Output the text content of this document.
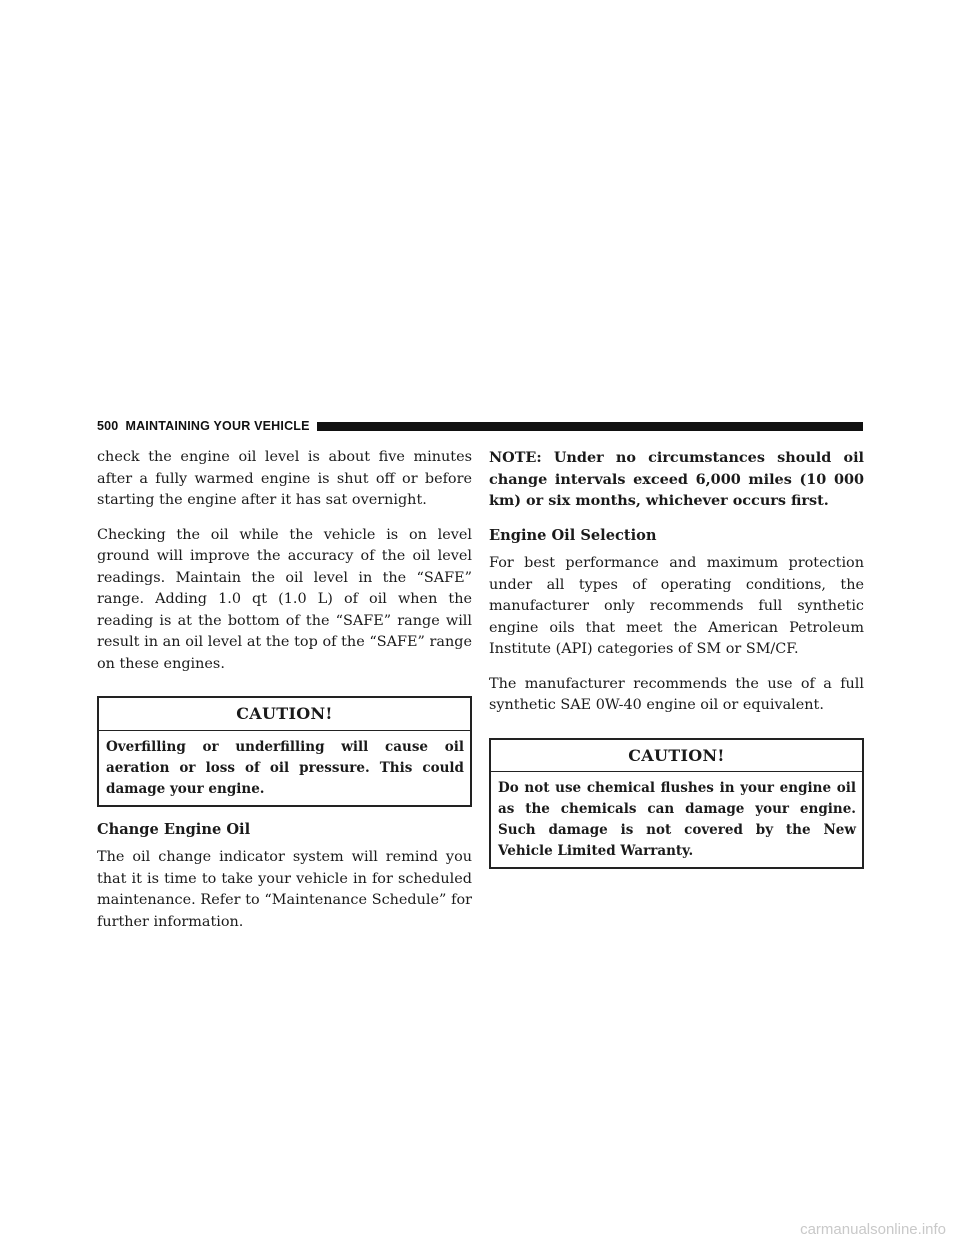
500 MAINTAINING YOUR VEHICLE

check the engine oil level is about five minutes after a fully warmed engine is shut off or before starting the engine after it has sat overnight.

Checking the oil while the vehicle is on level ground will improve the accuracy of the oil level readings. Maintain the oil level in the “SAFE” range. Adding 1.0 qt (1.0 L) of oil when the reading is at the bottom of the “SAFE” range will result in an oil level at the top of the “SAFE” range on these engines.

CAUTION!
Overfilling or underfilling will cause oil aeration or loss of oil pressure. This could damage your engine.
Change Engine Oil

The oil change indicator system will remind you that it is time to take your vehicle in for scheduled maintenance. Refer to “Maintenance Schedule” for further information.

NOTE: Under no circumstances should oil change intervals exceed 6,000 miles (10 000 km) or six months, whichever occurs first.

Engine Oil Selection

For best performance and maximum protection under all types of operating conditions, the manufacturer only recommends full synthetic engine oils that meet the American Petroleum Institute (API) categories of SM or SM/CF.

The manufacturer recommends the use of a full synthetic SAE 0W-40 engine oil or equivalent.

CAUTION!
Do not use chemical flushes in your engine oil as the chemicals can damage your engine. Such damage is not covered by the New Vehicle Limited Warranty.
carmanualsonline.info
